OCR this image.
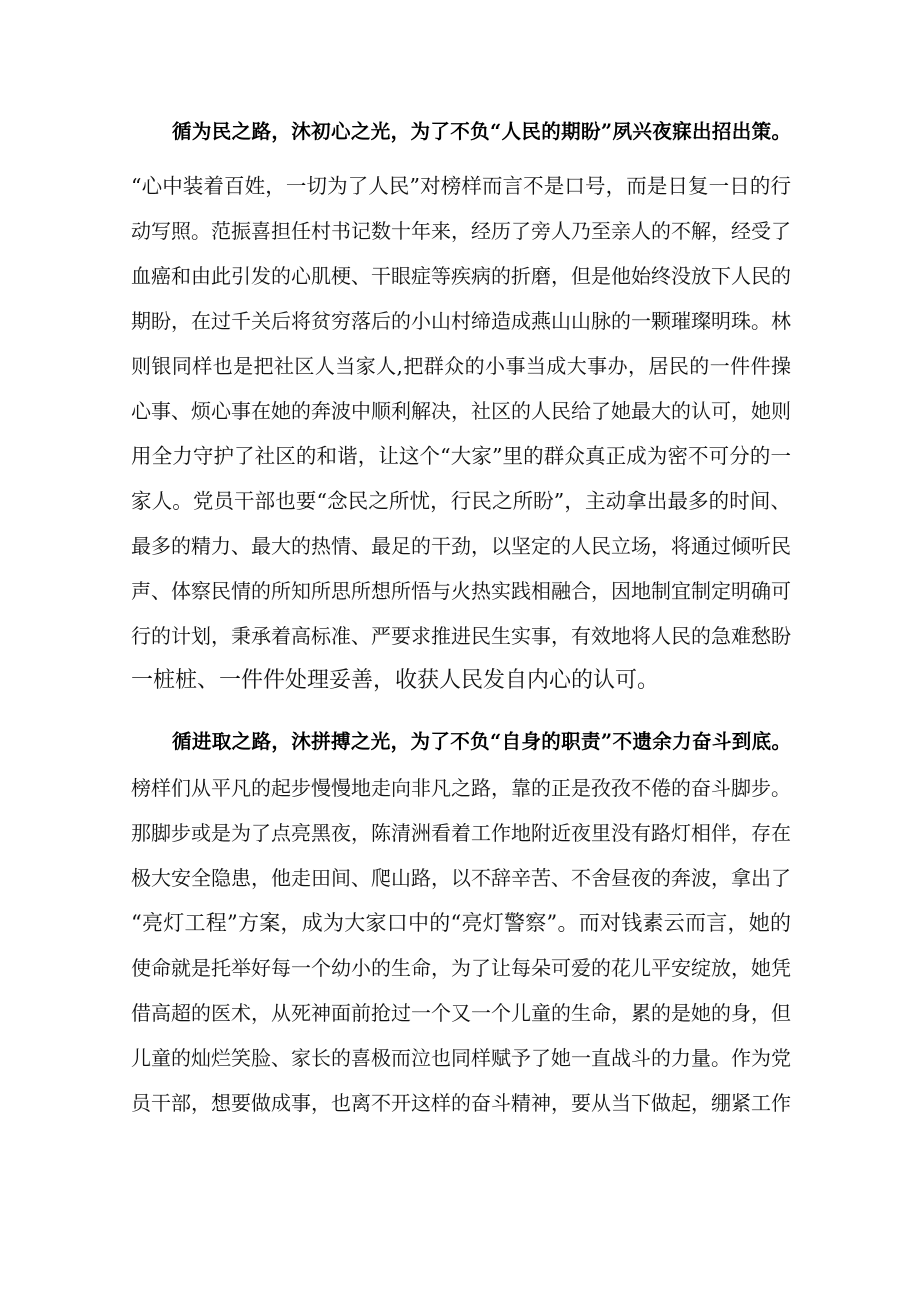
循为民之路，沐初心之光，为了不负“人民的期盼”夙兴夜寐出招出策。
“心中装着百姓，一切为了人民”对榜样而言不是口号，而是日复一日的行
动写照。范振喜担任村书记数十年来，经历了旁人乃至亲人的不解，经受了
血癌和由此引发的心肌梗、干眼症等疾病的折磨，但是他始终没放下人民的
期盼，在过千关后将贫穷落后的小山村缔造成燕山山脉的一颗璀璨明珠。林
则银同样也是把社区人当家人,把群众的小事当成大事办，居民的一件件操
心事、烦心事在她的奔波中顺利解决，社区的人民给了她最大的认可，她则
用全力守护了社区的和谐，让这个“大家”里的群众真正成为密不可分的一
家人。党员干部也要“念民之所忧，行民之所盼”，主动拿出最多的时间、
最多的精力、最大的热情、最足的干劲，以坚定的人民立场，将通过倾听民
声、体察民情的所知所思所想所悟与火热实践相融合，因地制宜制定明确可
行的计划，秉承着高标准、严要求推进民生实事，有效地将人民的急难愁盼
一桩桩、一件件处理妥善，收获人民发自内心的认可。
循进取之路，沐拼搏之光，为了不负“自身的职责”不遗余力奋斗到底。
榜样们从平凡的起步慢慢地走向非凡之路，靠的正是孜孜不倦的奋斗脚步。
那脚步或是为了点亮黑夜，陈清洲看着工作地附近夜里没有路灯相伴，存在
极大安全隐患，他走田间、爬山路，以不辞辛苦、不舍昼夜的奔波，拿出了
“亮灯工程”方案，成为大家口中的“亮灯警察”。而对钱素云而言，她的
使命就是托举好每一个幼小的生命，为了让每朵可爱的花儿平安绽放，她凭
借高超的医术，从死神面前抢过一个又一个儿童的生命，累的是她的身，但
儿童的灿烂笑脸、家长的喜极而泣也同样赋予了她一直战斗的力量。作为党
员干部，想要做成事，也离不开这样的奋斗精神，要从当下做起，绷紧工作
